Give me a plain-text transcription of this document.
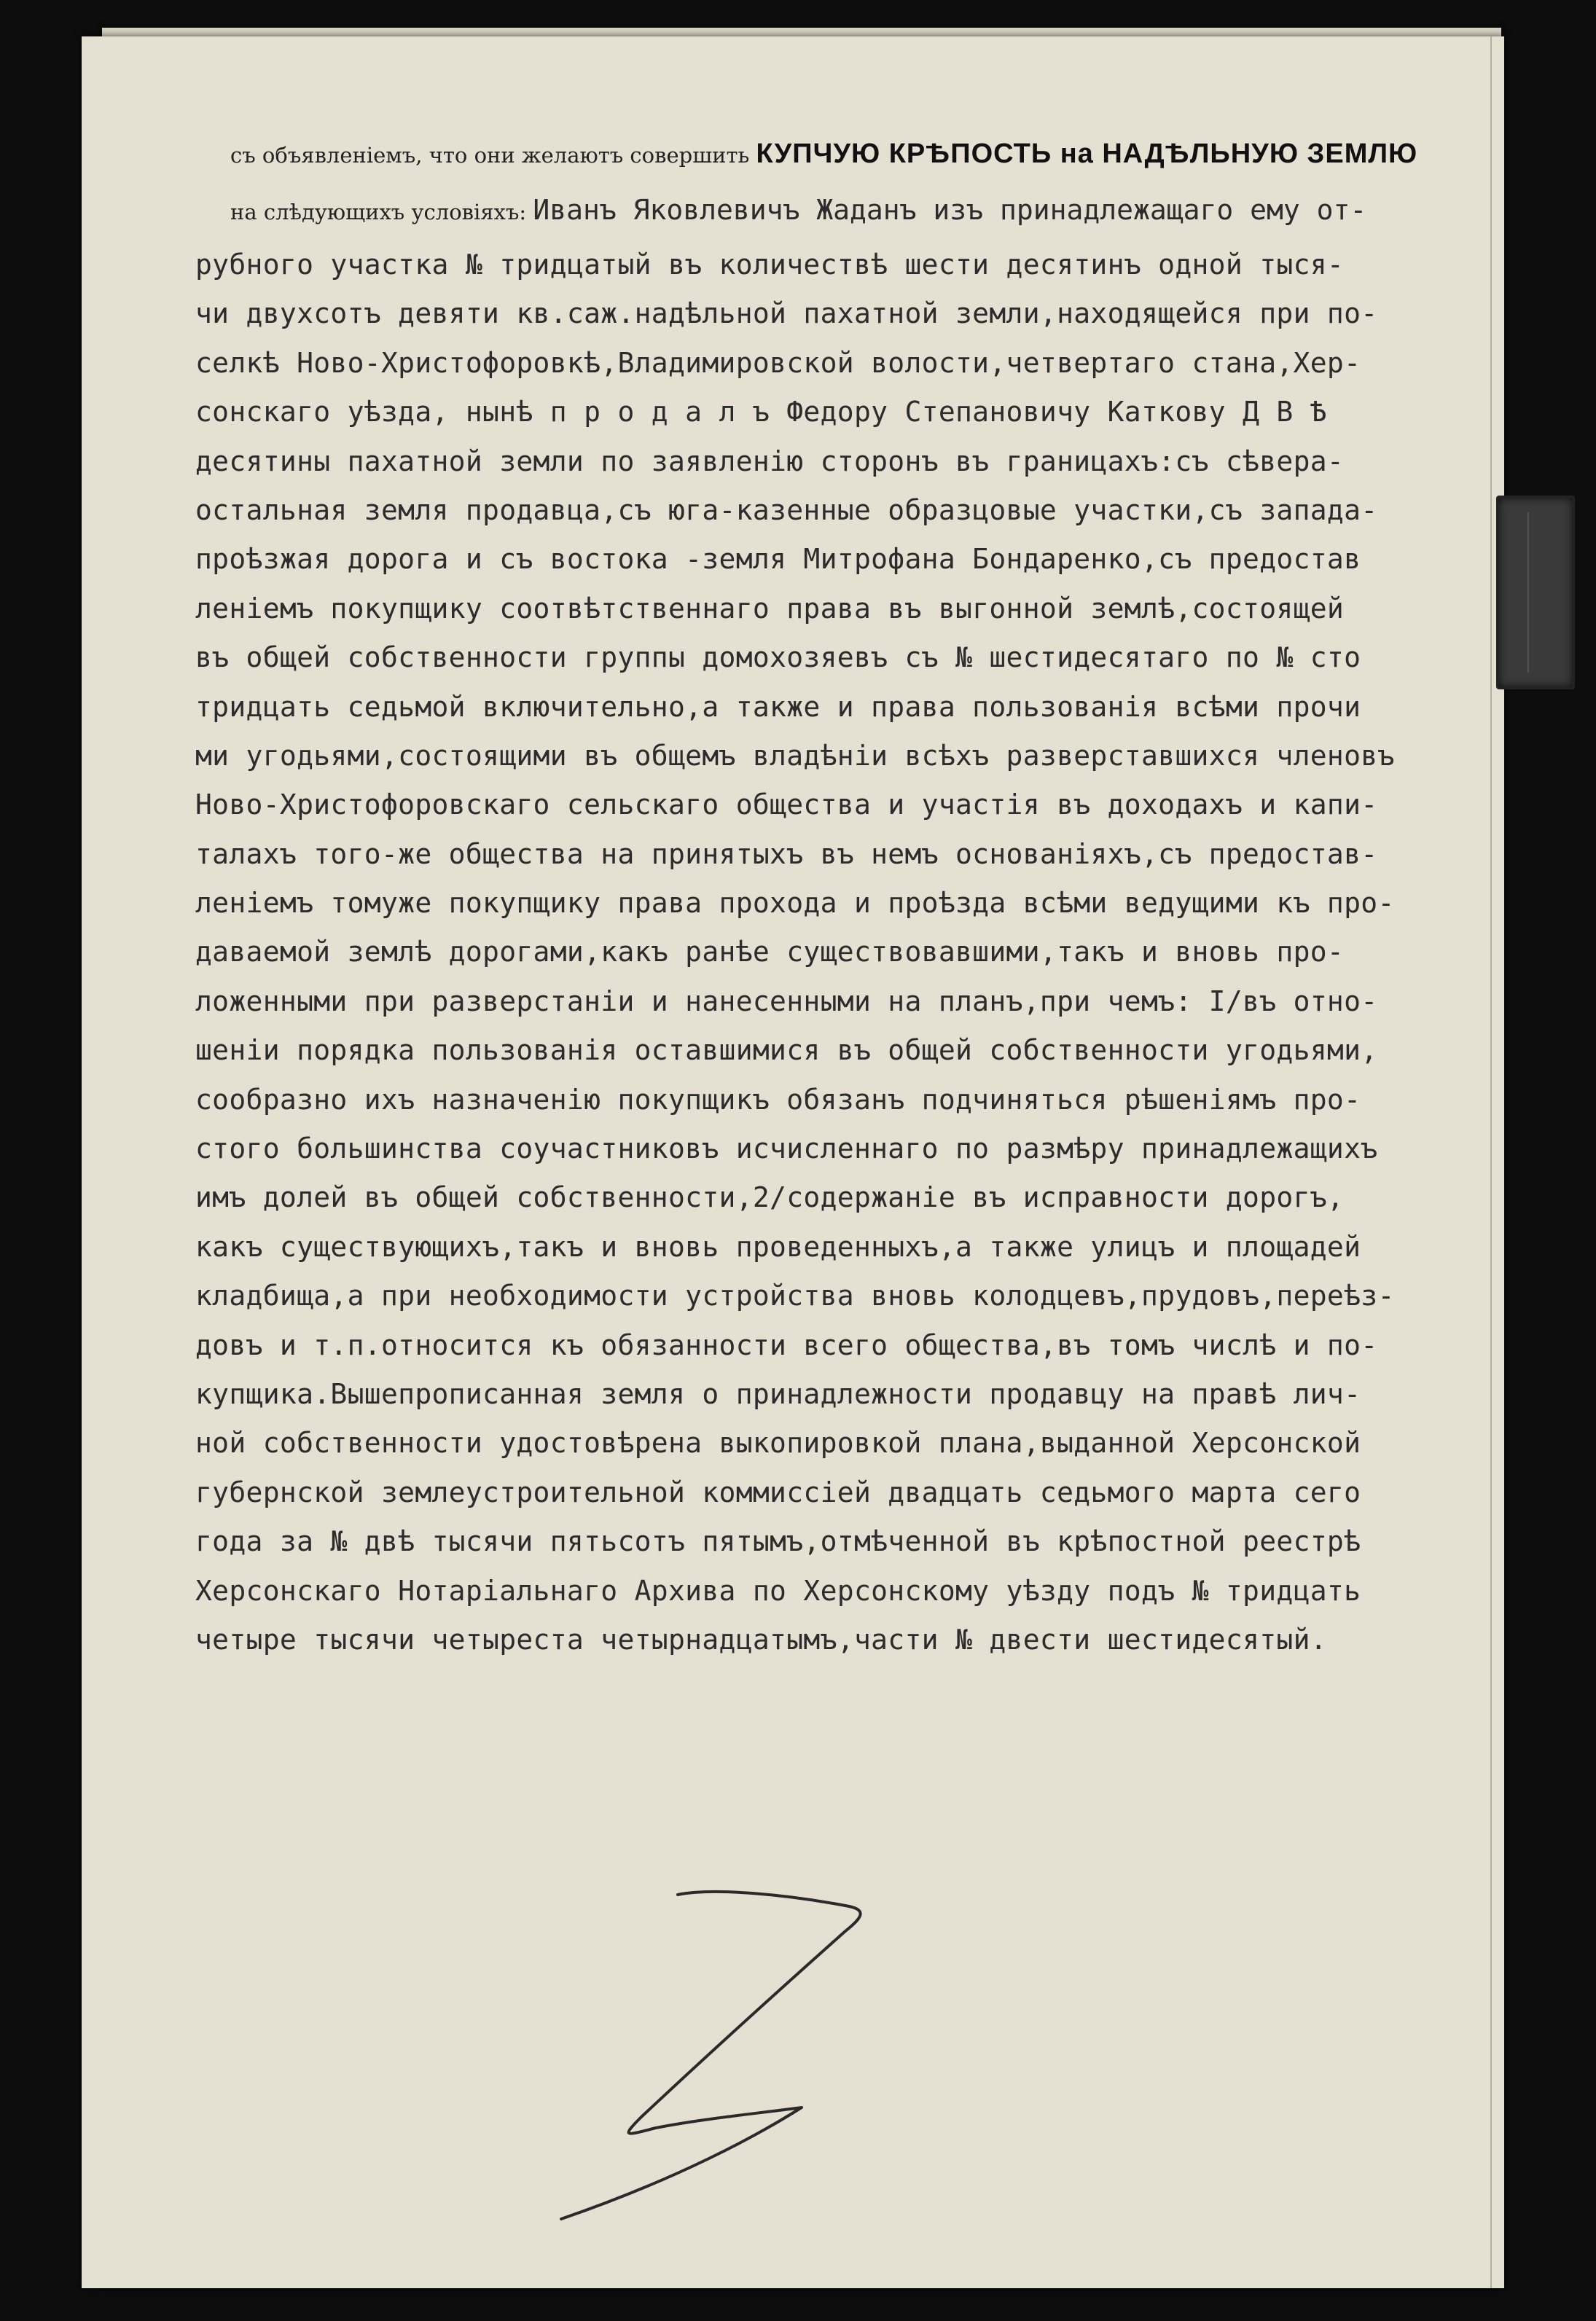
съ объявленіемъ, что они желаютъ совершить КУПЧУЮ КРѢПОСТЬ на НАДѢЛЬНУЮ ЗЕМЛЮ
на слѣдующихъ условіяхъ: Иванъ Яковлевичъ Жаданъ изъ принадлежащаго ему от-
рубного участка № тридцатый въ количествѣ шести десятинъ одной тыся-
чи двухсотъ девяти кв.саж.надѣльной пахатной земли,находящейся при по-
селкѣ Ново-Христофоровкѣ,Владимировской волости,четвертаго стана,Хер-
сонскаго уѣзда, нынѣ п р о д а л ъ Федору Степановичу Каткову Д В Ѣ
десятины пахатной земли по заявленію сторонъ въ границахъ:съ сѣвера-
остальная земля продавца,съ юга-казенные образцовые участки,съ запада-
проѣзжая дорога и съ востока -земля Митрофана Бондаренко,съ предостав
леніемъ покупщику соотвѣтственнаго права въ выгонной землѣ,состоящей
въ общей собственности группы домохозяевъ съ № шестидесятаго по № сто
тридцать седьмой включительно,а также и права пользованія всѣми прочи
ми угодьями,состоящими въ общемъ владѣніи всѣхъ разверставшихся членовъ
Ново-Христофоровскаго сельскаго общества и участія въ доходахъ и капи-
талахъ того-же общества на принятыхъ въ немъ основаніяхъ,съ предостав-
леніемъ томуже покупщику права прохода и проѣзда всѣми ведущими къ про-
даваемой землѣ дорогами,какъ ранѣе существовавшими,такъ и вновь про-
ложенными при разверстаніи и нанесенными на планъ,при чемъ: I/въ отно-
шеніи порядка пользованія оставшимися въ общей собственности угодьями,
сообразно ихъ назначенію покупщикъ обязанъ подчиняться рѣшеніямъ про-
стого большинства соучастниковъ исчисленнаго по размѣру принадлежащихъ
имъ долей въ общей собственности,2/содержаніе въ исправности дорогъ,
какъ существующихъ,такъ и вновь проведенныхъ,а также улицъ и площадей
кладбища,а при необходимости устройства вновь колодцевъ,прудовъ,переѣз-
довъ и т.п.относится къ обязанности всего общества,въ томъ числѣ и по-
купщика.Вышепрописанная земля о принадлежности продавцу на правѣ лич-
ной собственности удостовѣрена выкопировкой плана,выданной Херсонской
губернской землеустроительной коммиссіей двадцать седьмого марта сего
года за № двѣ тысячи пятьсотъ пятымъ,отмѣченной въ крѣпостной реестрѣ
Херсонскаго Нотаріальнаго Архива по Херсонскому уѣзду подъ № тридцать
четыре тысячи четыреста четырнадцатымъ,части № двести шестидесятый.
